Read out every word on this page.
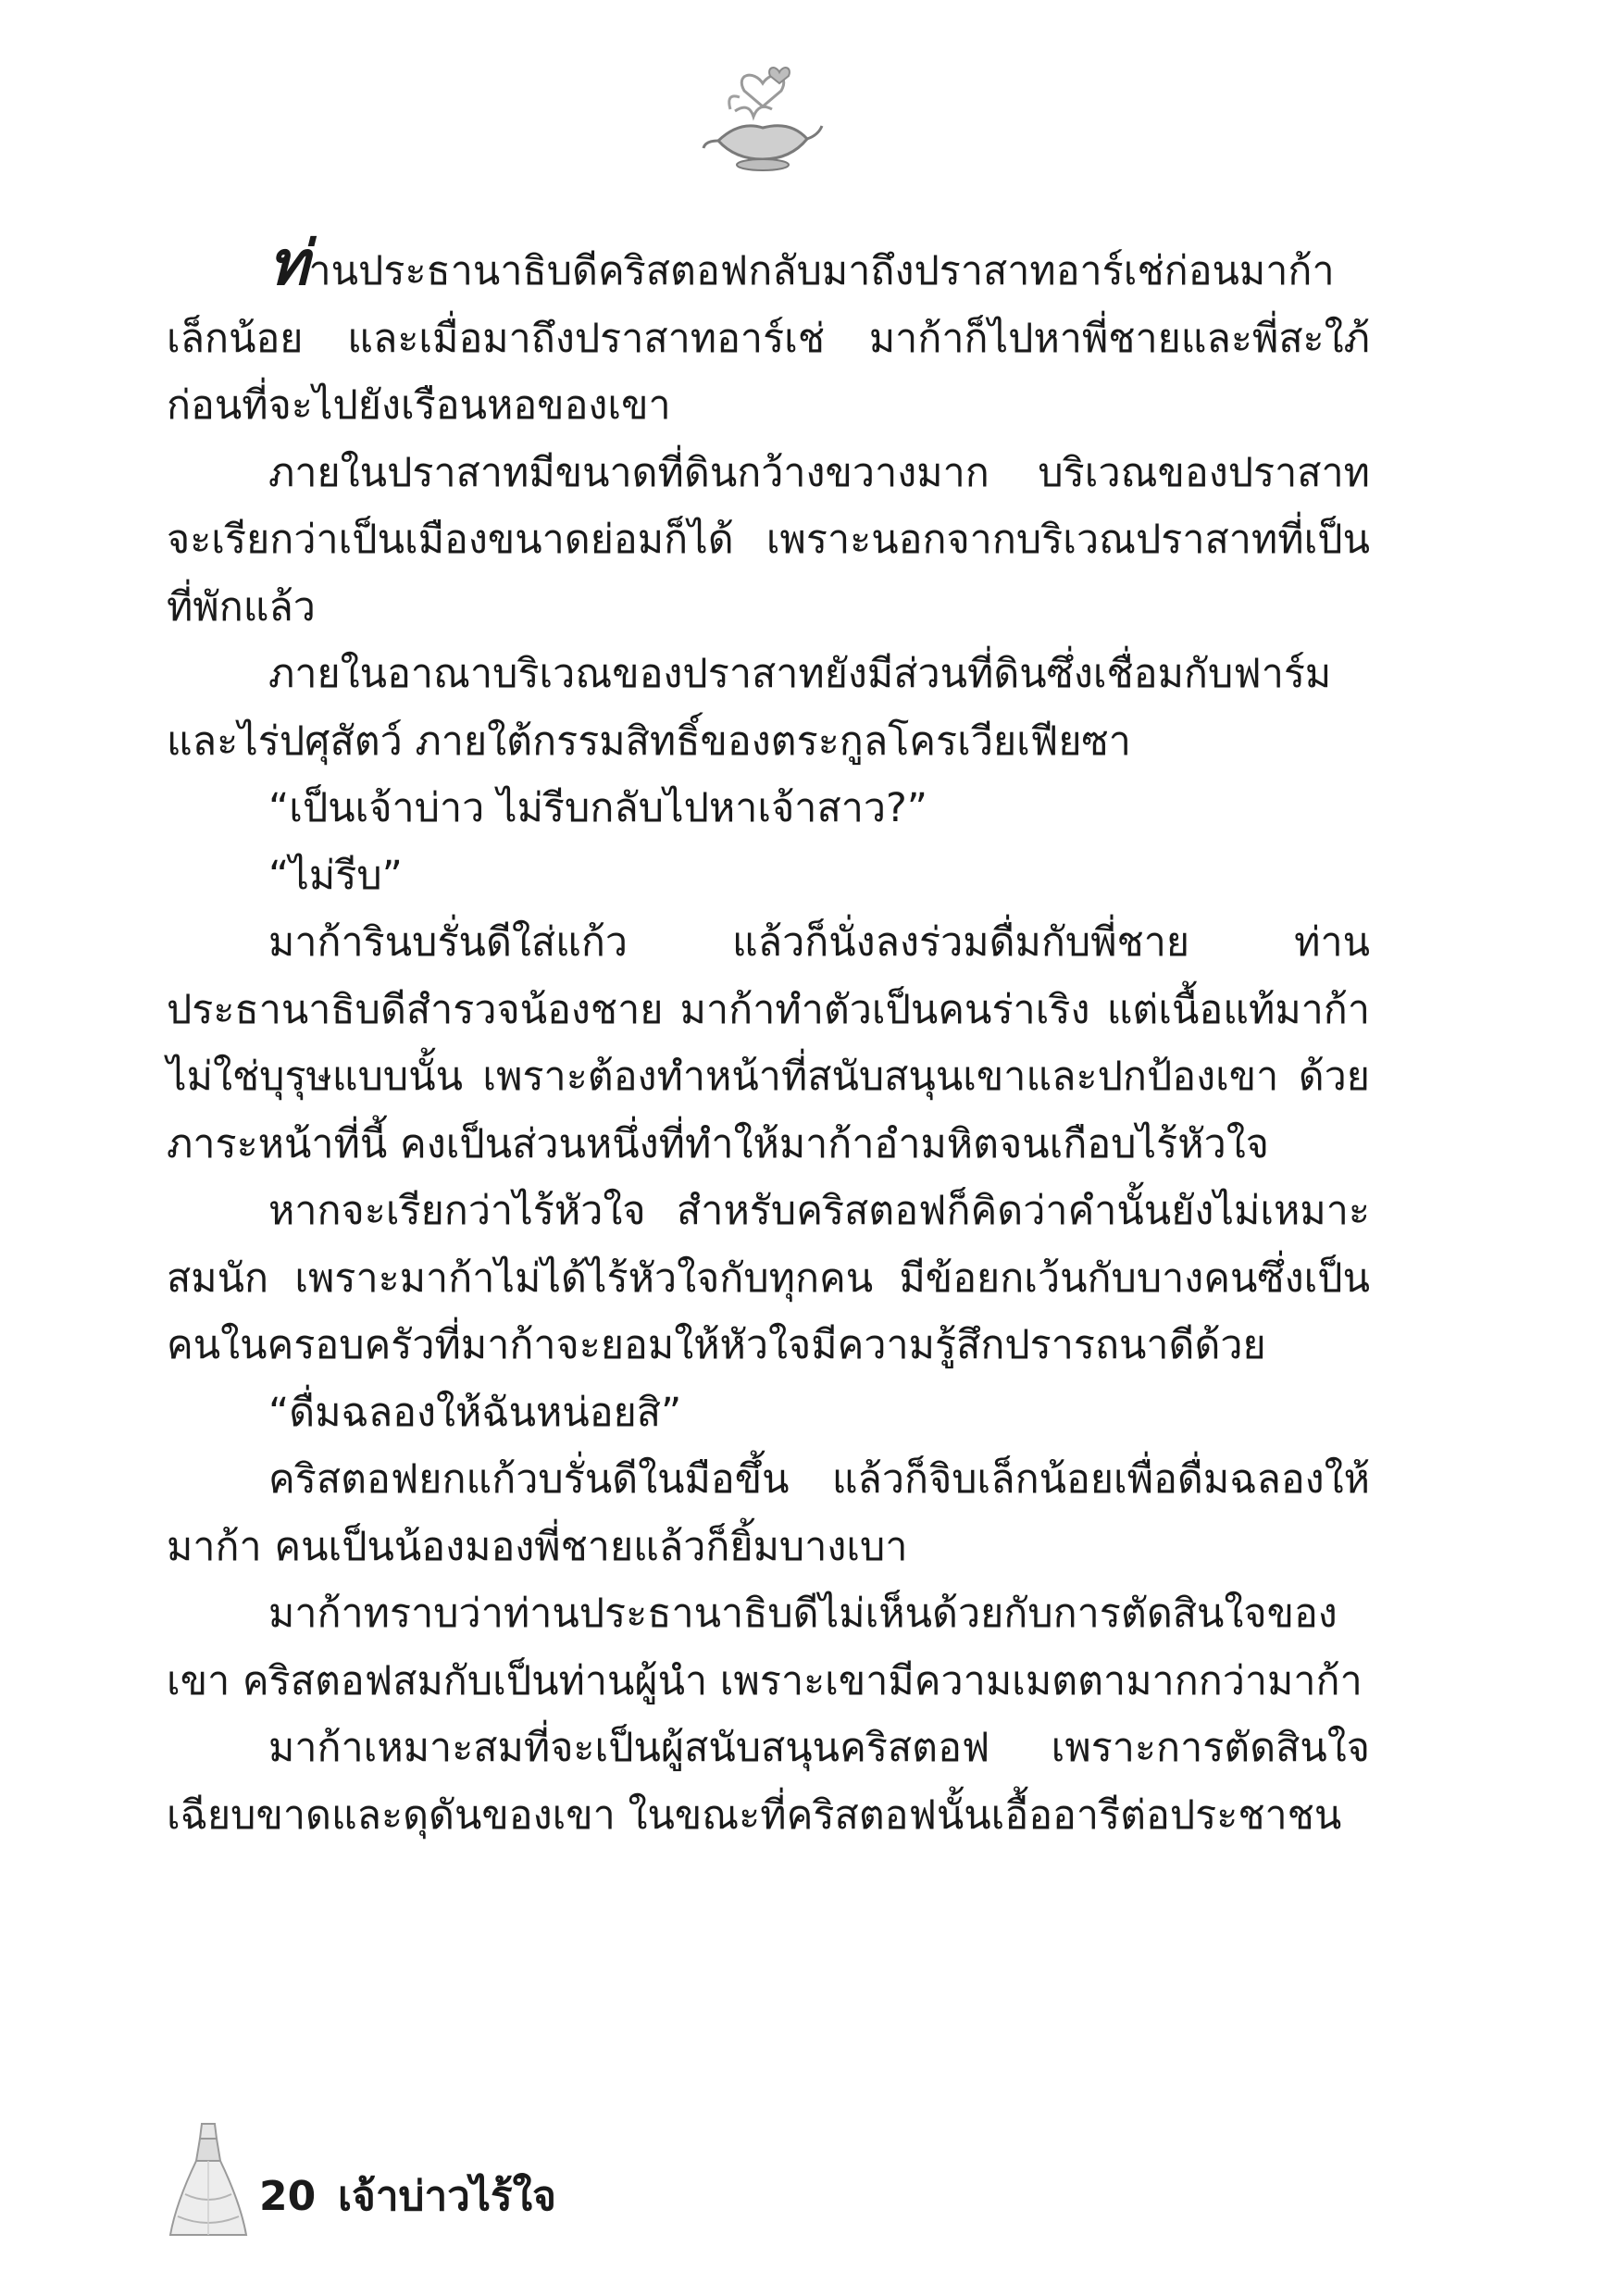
ท่านประธานาธิบดีคริสตอฟกลับมาถึงปราสาทอาร์เช่ก่อนมาก้าเล็กน้อย และเมื่อมาถึงปราสาทอาร์เช่ มาก้าก็ไปหาพี่ชายและพี่สะใภ้ก่อนที่จะไปยังเรือนหอของเขา

ภายในปราสาทมีขนาดที่ดินกว้างขวางมาก บริเวณของปราสาทจะเรียกว่าเป็นเมืองขนาดย่อมก็ได้ เพราะนอกจากบริเวณปราสาทที่เป็นที่พักแล้ว

ภายในอาณาบริเวณของปราสาทยังมีส่วนที่ดินซึ่งเชื่อมกับฟาร์มและไร่ปศุสัตว์ ภายใต้กรรมสิทธิ์ของตระกูลโครเวียเฟียซา

“เป็นเจ้าบ่าว ไม่รีบกลับไปหาเจ้าสาว?”

“ไม่รีบ”

มาก้ารินบรั่นดีใส่แก้ว แล้วก็นั่งลงร่วมดื่มกับพี่ชาย ท่านประธานาธิบดีสำรวจน้องชาย มาก้าทำตัวเป็นคนร่าเริง แต่เนื้อแท้มาก้าไม่ใช่บุรุษแบบนั้น เพราะต้องทำหน้าที่สนับสนุนเขาและปกป้องเขา ด้วยภาระหน้าที่นี้ คงเป็นส่วนหนึ่งที่ทำให้มาก้าอำมหิตจนเกือบไร้หัวใจ

หากจะเรียกว่าไร้หัวใจ สำหรับคริสตอฟก็คิดว่าคำนั้นยังไม่เหมาะสมนัก เพราะมาก้าไม่ได้ไร้หัวใจกับทุกคน มีข้อยกเว้นกับบางคนซึ่งเป็นคนในครอบครัวที่มาก้าจะยอมให้หัวใจมีความรู้สึกปรารถนาดีด้วย

“ดื่มฉลองให้ฉันหน่อยสิ”

คริสตอฟยกแก้วบรั่นดีในมือขึ้น แล้วก็จิบเล็กน้อยเพื่อดื่มฉลองให้มาก้า คนเป็นน้องมองพี่ชายแล้วก็ยิ้มบางเบา

มาก้าทราบว่าท่านประธานาธิบดีไม่เห็นด้วยกับการตัดสินใจของเขา คริสตอฟสมกับเป็นท่านผู้นำ เพราะเขามีความเมตตามากกว่ามาก้า

มาก้าเหมาะสมที่จะเป็นผู้สนับสนุนคริสตอฟ เพราะการตัดสินใจเฉียบขาดและดุดันของเขา ในขณะที่คริสตอฟนั้นเอื้ออารีต่อประชาชน

20 เจ้าบ่าวไร้ใจ
